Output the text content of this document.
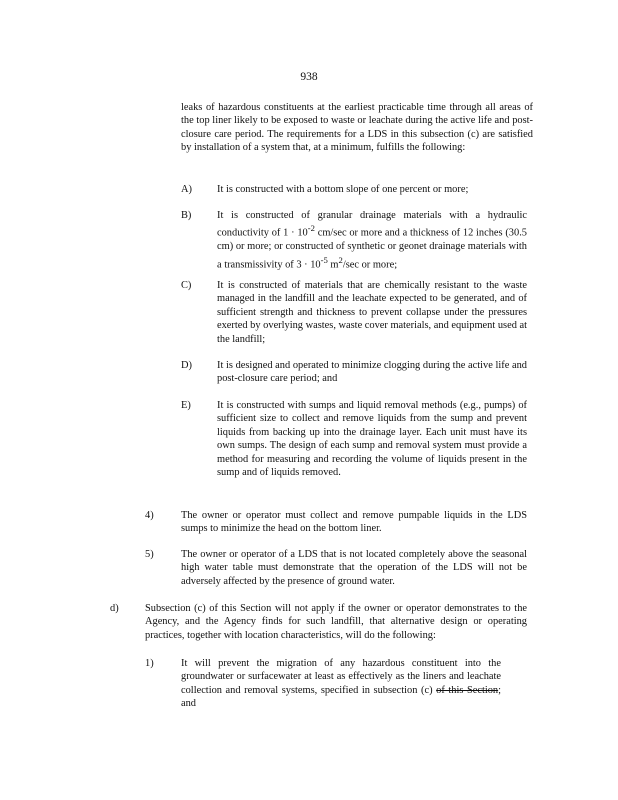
938

leaks of hazardous constituents at the earliest practicable time through all areas of the top liner likely to be exposed to waste or leachate during the active life and post-closure care period. The requirements for a LDS in this subsection (c) are satisfied by installation of a system that, at a minimum, fulfills the following:

A) It is constructed with a bottom slope of one percent or more;

B) It is constructed of granular drainage materials with a hydraulic conductivity of $1 \cdot 10^{-2}$ cm/sec or more and a thickness of 12 inches (30.5 cm) or more; or constructed of synthetic or geonet drainage materials with a transmissivity of $3 \cdot 10^{-5}$ $m^2/\sec$ or more;

C) It is constructed of materials that are chemically resistant to the waste managed in the landfill and the leachate expected to be generated, and of sufficient strength and thickness to prevent collapse under the pressures exerted by overlying wastes, waste cover materials, and equipment used at the landfill;

D) It is designed and operated to minimize clogging during the active life and post-closure care period; and

E)	It is constructed with sumps and liquid removal methods (e.g., pumps) of sufficient size to collect and remove liquids from the sump and prevent liquids from backing up into the drainage layer. Each unit must have its own sumps. The design of each sump and removal system must provide a method for measuring and recording the volume of liquids present in the sump and of liquids removed.

4)	The owner or operator must collect and remove pumpable liquids in the LDS sumps to minimize the head on the bottom liner.

5)	The owner or operator of a LDS that is not located completely above the seasonal high water table must demonstrate that the operation of the LDS will not be adversely affected by the presence of ground water.

d)	Subsection (c) of this Section will not apply if the owner or operator demonstrates to the Agency, and the Agency finds for such landfill, that alternative design or operating practices, together with location characteristics, will do the following:

1)	It will prevent the migration of any hazardous constituent into the groundwater or surfacewater at least as effectively as the liners and leachate collection and removal systems, specified in subsection (c) of this Section; and
